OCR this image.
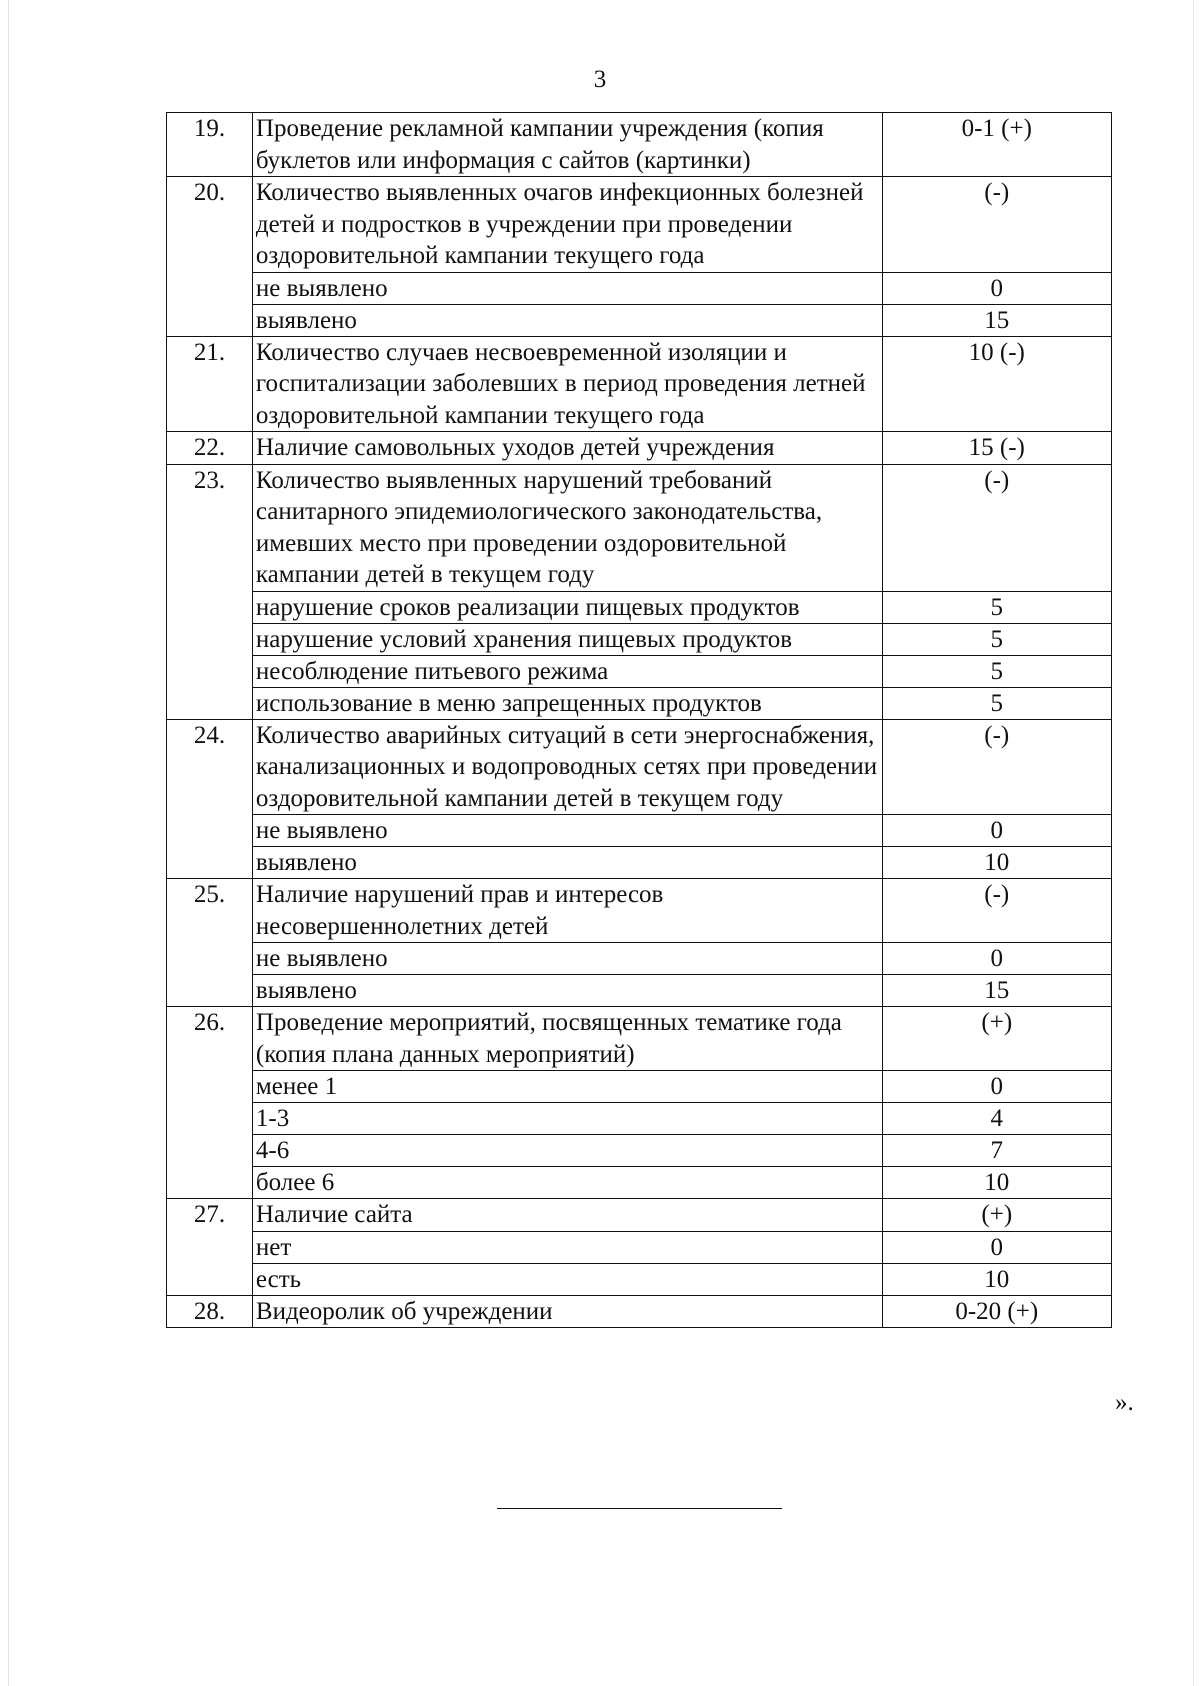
3
19.	Проведение рекламной кампании учреждения (копия буклетов или информация с сайтов (картинки)	0-1 (+)
20.	Количество выявленных очагов инфекционных болезней детей и подростков в учреждении при проведении оздоровительной кампании текущего года	(-)
	не выявлено	0
	выявлено	15
21.	Количество случаев несвоевременной изоляции и госпитализации заболевших в период проведения летней оздоровительной кампании текущего года	10 (-)
22.	Наличие самовольных уходов детей учреждения	15 (-)
23.	Количество выявленных нарушений требований санитарного эпидемиологического законодательства, имевших место при проведении оздоровительной кампании детей в текущем году	(-)
	нарушение сроков реализации пищевых продуктов	5
	нарушение условий хранения пищевых продуктов	5
	несоблюдение питьевого режима	5
	использование в меню запрещенных продуктов	5
24.	Количество аварийных ситуаций в сети энергоснабжения, канализационных и водопроводных сетях при проведении оздоровительной кампании детей в текущем году	(-)
	не выявлено	0
	выявлено	10
25.	Наличие нарушений прав и интересов несовершеннолетних детей	(-)
	не выявлено	0
	выявлено	15
26.	Проведение мероприятий, посвященных тематике года (копия плана данных мероприятий)	(+)
	менее 1	0
	1-3	4
	4-6	7
	более 6	10
27.	Наличие сайта	(+)
	нет	0
	есть	10
28.	Видеоролик об учреждении	0-20 (+)
».
